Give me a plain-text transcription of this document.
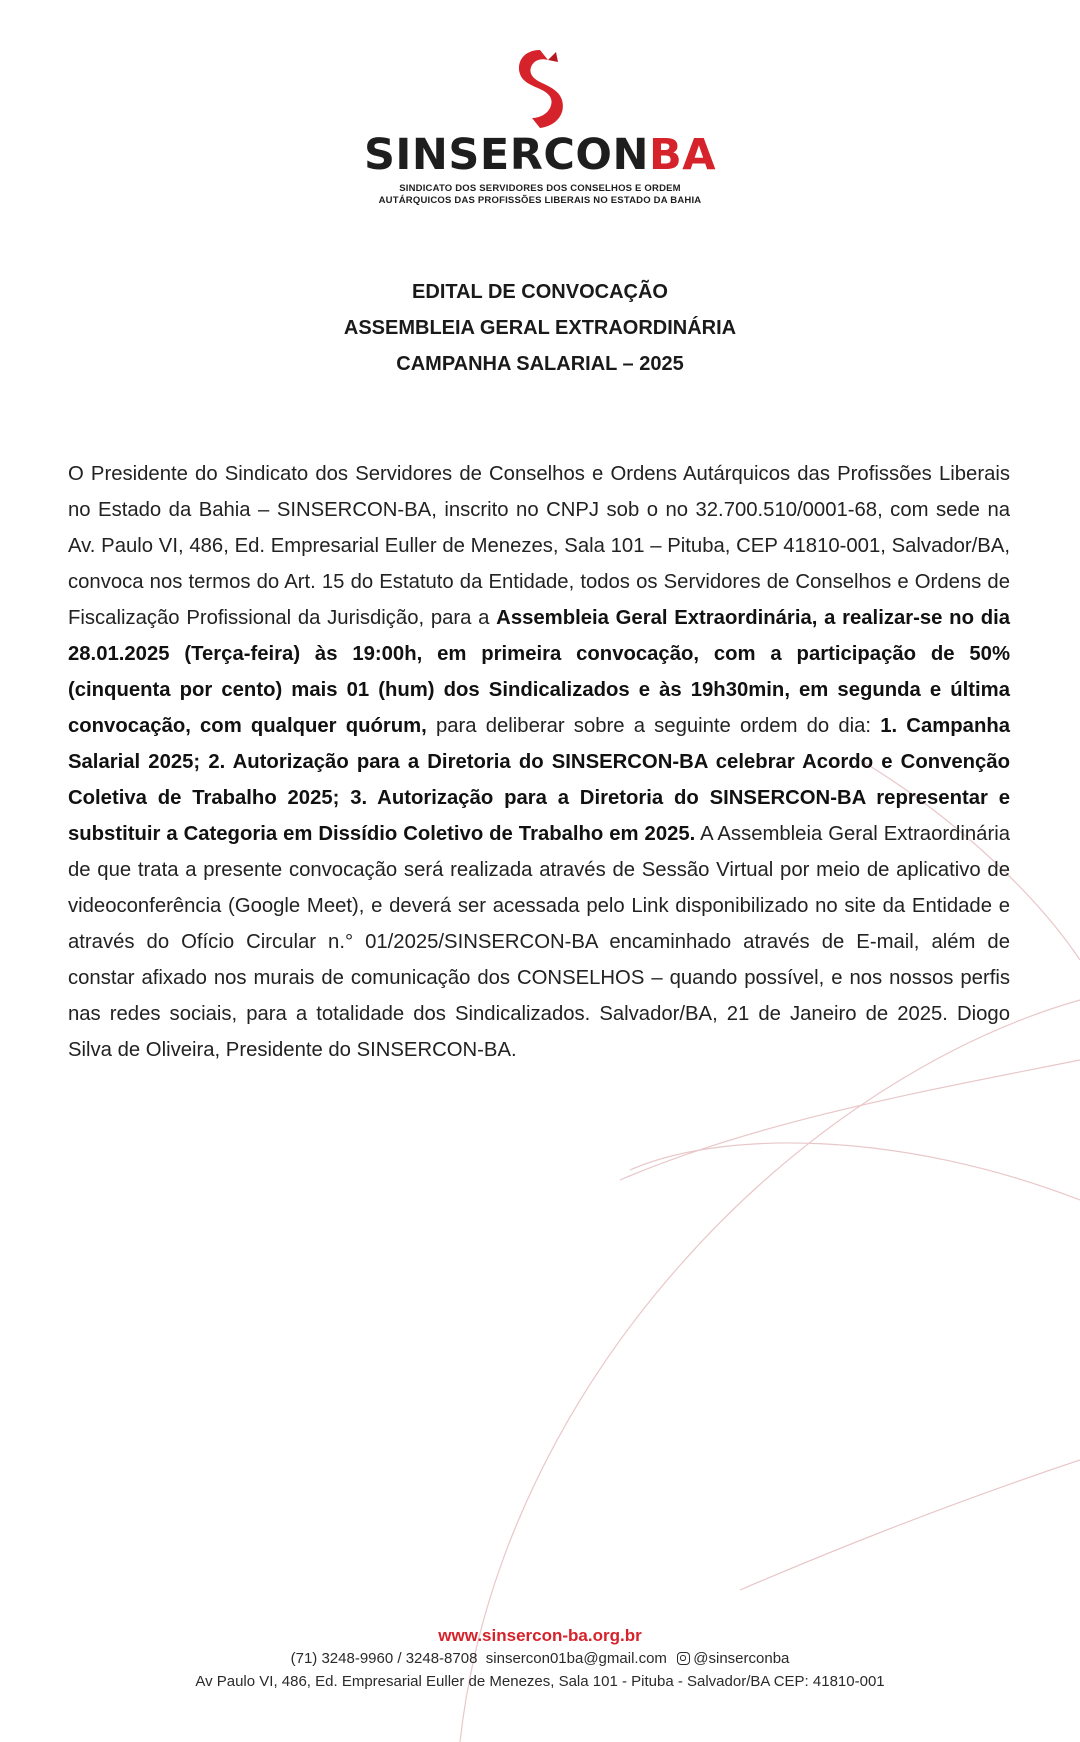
SINSERCONBA
SINDICATO DOS SERVIDORES DOS CONSELHOS E ORDEM
AUTÁRQUICOS DAS PROFISSÕES LIBERAIS NO ESTADO DA BAHIA
EDITAL DE CONVOCAÇÃO
ASSEMBLEIA GERAL EXTRAORDINÁRIA
CAMPANHA SALARIAL – 2025
O Presidente do Sindicato dos Servidores de Conselhos e Ordens Autárquicos das Profissões Liberais no Estado da Bahia – SINSERCON-BA, inscrito no CNPJ sob o no 32.700.510/0001-68, com sede na Av. Paulo VI, 486, Ed. Empresarial Euller de Menezes, Sala 101 – Pituba, CEP 41810-001, Salvador/BA, convoca nos termos do Art. 15 do Estatuto da Entidade, todos os Servidores de Conselhos e Ordens de Fiscalização Profissional da Jurisdição, para a Assembleia Geral Extraordinária, a realizar-se no dia 28.01.2025 (Terça-feira) às 19:00h, em primeira convocação, com a participação de 50% (cinquenta por cento) mais 01 (hum) dos Sindicalizados e às 19h30min, em segunda e última convocação, com qualquer quórum, para deliberar sobre a seguinte ordem do dia: 1. Campanha Salarial 2025; 2. Autorização para a Diretoria do SINSERCON-BA celebrar Acordo e Convenção Coletiva de Trabalho 2025; 3. Autorização para a Diretoria do SINSERCON-BA representar e substituir a Categoria em Dissídio Coletivo de Trabalho em 2025. A Assembleia Geral Extraordinária de que trata a presente convocação será realizada através de Sessão Virtual por meio de aplicativo de videoconferência (Google Meet), e deverá ser acessada pelo Link disponibilizado no site da Entidade e através do Ofício Circular n.° 01/2025/SINSERCON-BA encaminhado através de E-mail, além de constar afixado nos murais de comunicação dos CONSELHOS – quando possível, e nos nossos perfis nas redes sociais, para a totalidade dos Sindicalizados. Salvador/BA, 21 de Janeiro de 2025. Diogo Silva de Oliveira, Presidente do SINSERCON-BA.
www.sinsercon-ba.org.br
(71) 3248-9960 / 3248-8708 sinsercon01ba@gmail.com @sinserconba
Av Paulo VI, 486, Ed. Empresarial Euller de Menezes, Sala 101 - Pituba - Salvador/BA CEP: 41810-001
